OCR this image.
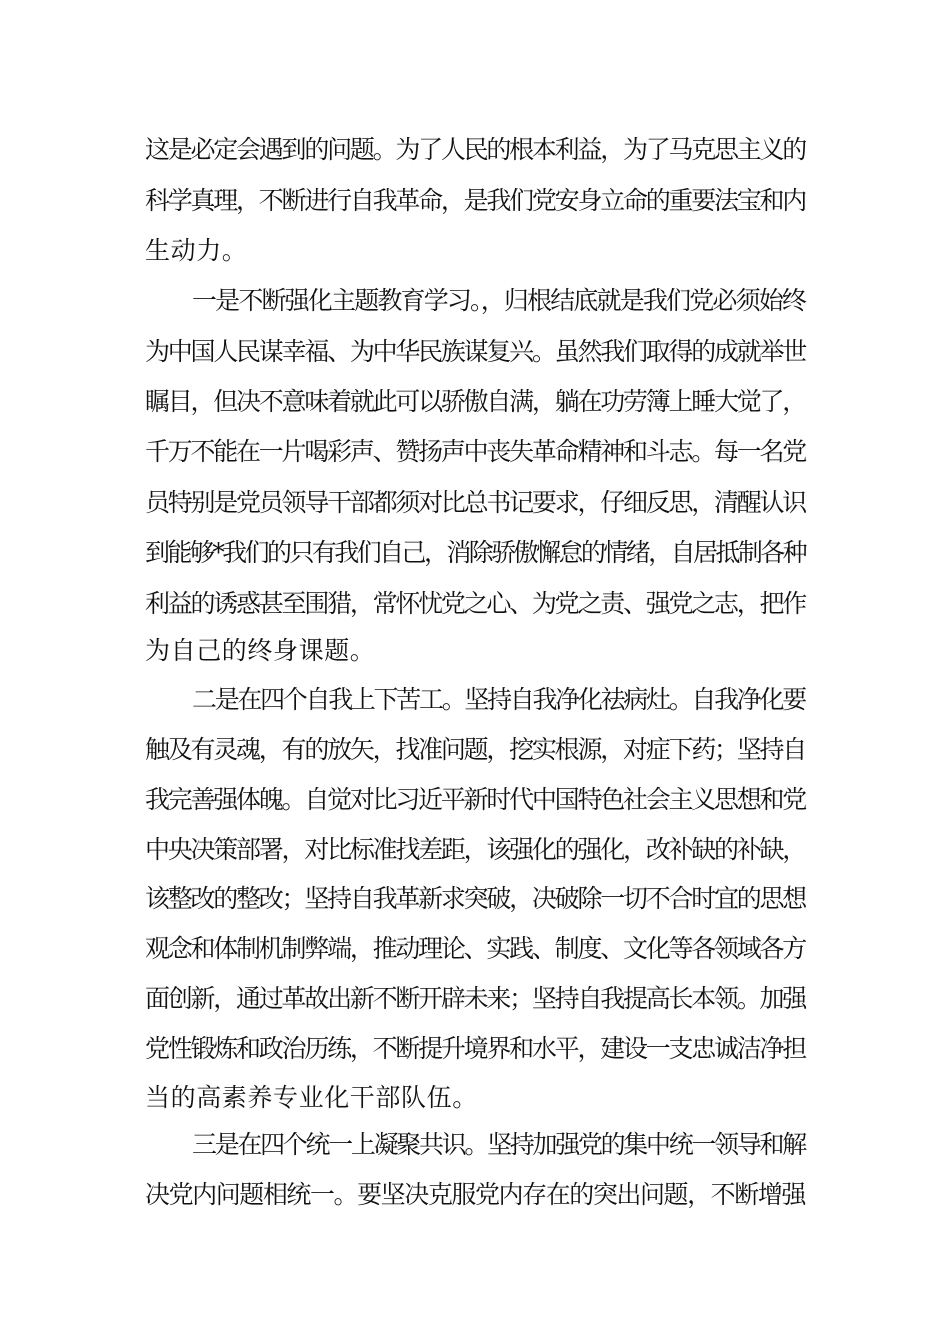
这是必定会遇到的问题。为了人民的根本利益，为了马克思主义的
科学真理，不断进行自我革命，是我们党安身立命的重要法宝和内
生动力。
一是不断强化主题教育学习。，归根结底就是我们党必须始终
为中国人民谋幸福、为中华民族谋复兴。虽然我们取得的成就举世
瞩目，但决不意味着就此可以骄傲自满，躺在功劳簿上睡大觉了，
千万不能在一片喝彩声、赞扬声中丧失革命精神和斗志。每一名党
员特别是党员领导干部都须对比总书记要求，仔细反思，清醒认识
到能够*我们的只有我们自己，消除骄傲懈怠的情绪，自居抵制各种
利益的诱惑甚至围猎，常怀忧党之心、为党之责、强党之志，把作
为自己的终身课题。
二是在四个自我上下苦工。坚持自我净化祛病灶。自我净化要
触及有灵魂，有的放矢，找准问题，挖实根源，对症下药；坚持自
我完善强体魄。自觉对比习近平新时代中国特色社会主义思想和党
中央决策部署，对比标准找差距，该强化的强化，改补缺的补缺，
该整改的整改；坚持自我革新求突破，决破除一切不合时宜的思想
观念和体制机制弊端，推动理论、实践、制度、文化等各领域各方
面创新，通过革故出新不断开辟未来；坚持自我提高长本领。加强
党性锻炼和政治历练，不断提升境界和水平，建设一支忠诚洁净担
当的高素养专业化干部队伍。
三是在四个统一上凝聚共识。坚持加强党的集中统一领导和解
决党内问题相统一。要坚决克服党内存在的突出问题，不断增强
